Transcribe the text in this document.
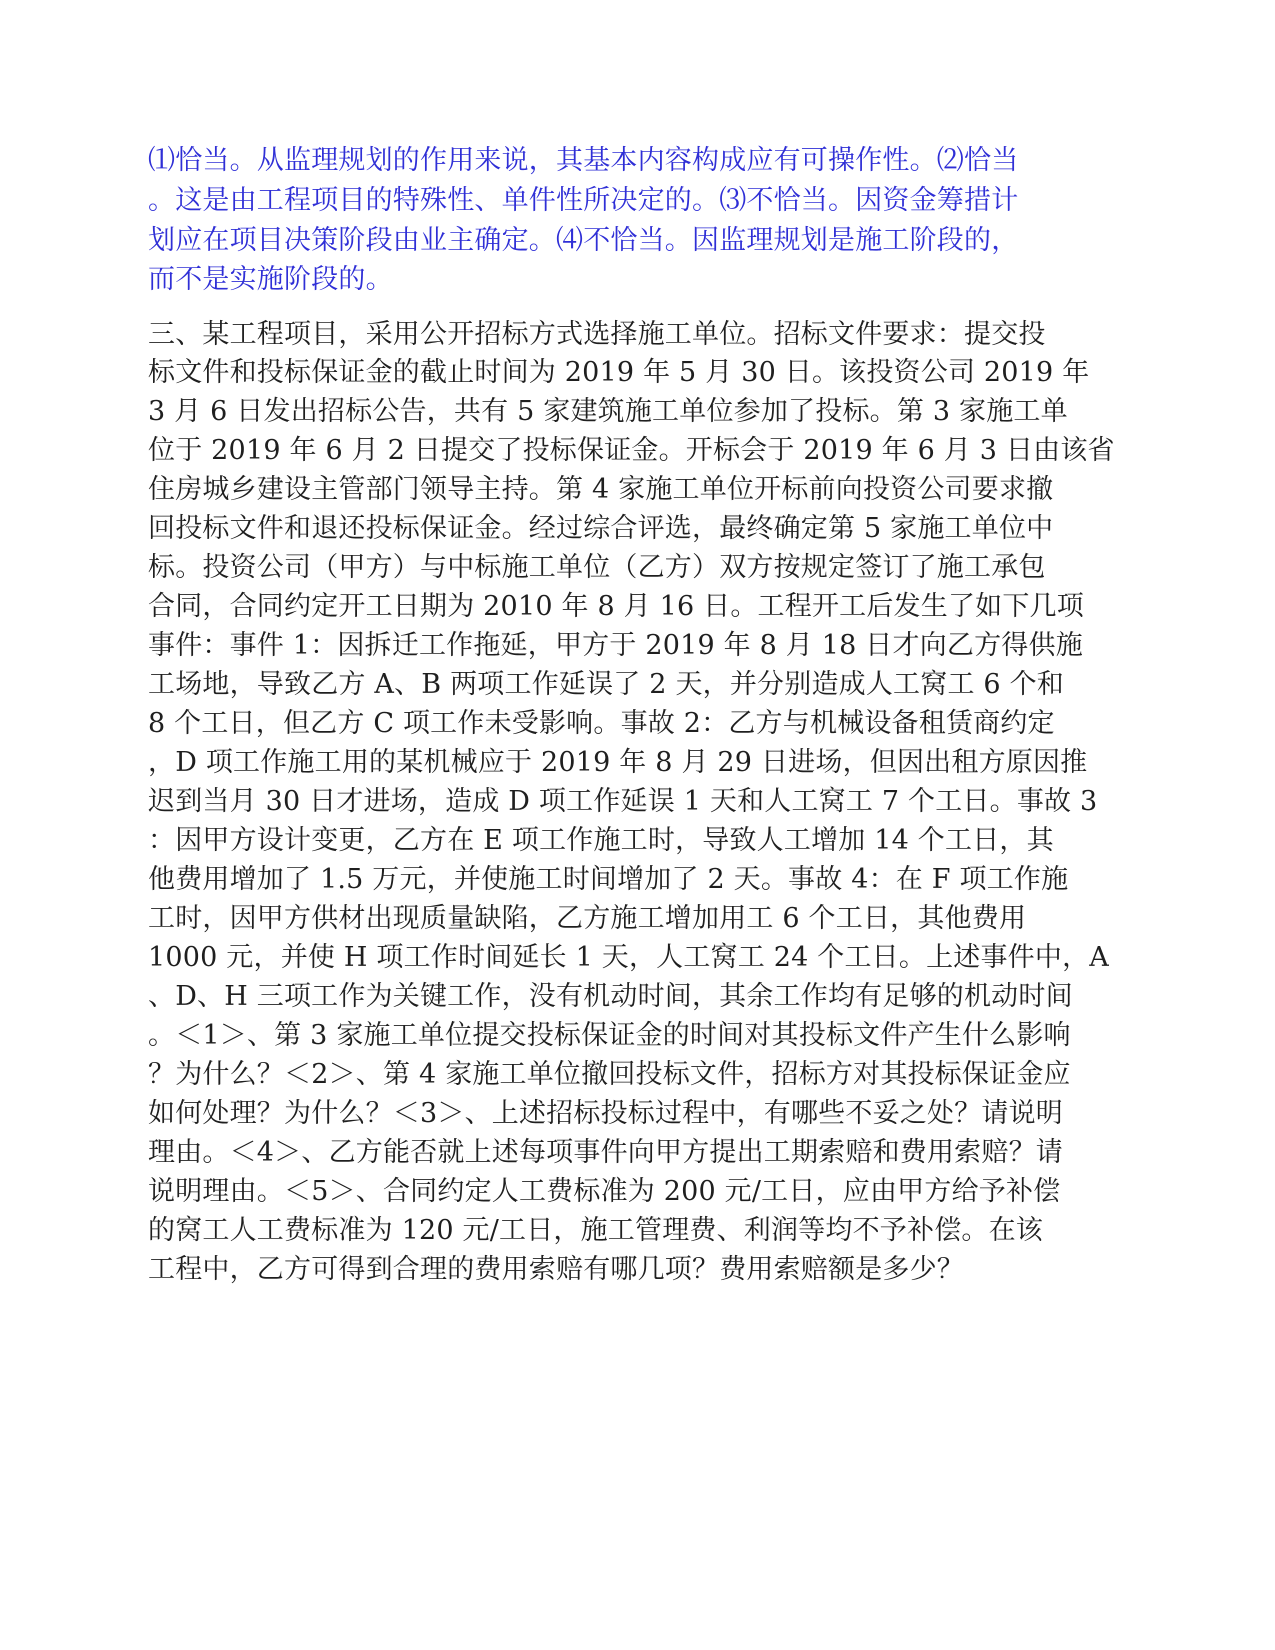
⑴恰当。从监理规划的作用来说，其基本内容构成应有可操作性。⑵恰当
。这是由工程项目的特殊性、单件性所决定的。⑶不恰当。因资金筹措计
划应在项目决策阶段由业主确定。⑷不恰当。因监理规划是施工阶段的，
而不是实施阶段的。
三、某工程项目，采用公开招标方式选择施工单位。招标文件要求：提交投
标文件和投标保证金的截止时间为 2019 年 5 月 30 日。该投资公司 2019 年
3 月 6 日发出招标公告，共有 5 家建筑施工单位参加了投标。第 3 家施工单
位于 2019 年 6 月 2 日提交了投标保证金。开标会于 2019 年 6 月 3 日由该省
住房城乡建设主管部门领导主持。第 4 家施工单位开标前向投资公司要求撤
回投标文件和退还投标保证金。经过综合评选，最终确定第 5 家施工单位中
标。投资公司（甲方）与中标施工单位（乙方）双方按规定签订了施工承包
合同，合同约定开工日期为 2010 年 8 月 16 日。工程开工后发生了如下几项
事件：事件 1：因拆迁工作拖延，甲方于 2019 年 8 月 18 日才向乙方得供施
工场地，导致乙方 A、B 两项工作延误了 2 天，并分别造成人工窝工 6 个和
8 个工日，但乙方 C 项工作未受影响。事故 2：乙方与机械设备租赁商约定
，D 项工作施工用的某机械应于 2019 年 8 月 29 日进场，但因出租方原因推
迟到当月 30 日才进场，造成 D 项工作延误 1 天和人工窝工 7 个工日。事故 3
：因甲方设计变更，乙方在 E 项工作施工时，导致人工增加 14 个工日，其
他费用增加了 1.5 万元，并使施工时间增加了 2 天。事故 4：在 F 项工作施
工时，因甲方供材出现质量缺陷，乙方施工增加用工 6 个工日，其他费用
1000 元，并使 H 项工作时间延长 1 天，人工窝工 24 个工日。上述事件中，A
、D、H 三项工作为关键工作，没有机动时间，其余工作均有足够的机动时间
。＜1＞、第 3 家施工单位提交投标保证金的时间对其投标文件产生什么影响
？为什么？＜2＞、第 4 家施工单位撤回投标文件，招标方对其投标保证金应
如何处理？为什么？＜3＞、上述招标投标过程中，有哪些不妥之处？请说明
理由。＜4＞、乙方能否就上述每项事件向甲方提出工期索赔和费用索赔？请
说明理由。＜5＞、合同约定人工费标准为 200 元/工日，应由甲方给予补偿
的窝工人工费标准为 120 元/工日，施工管理费、利润等均不予补偿。在该
工程中，乙方可得到合理的费用索赔有哪几项？费用索赔额是多少？
